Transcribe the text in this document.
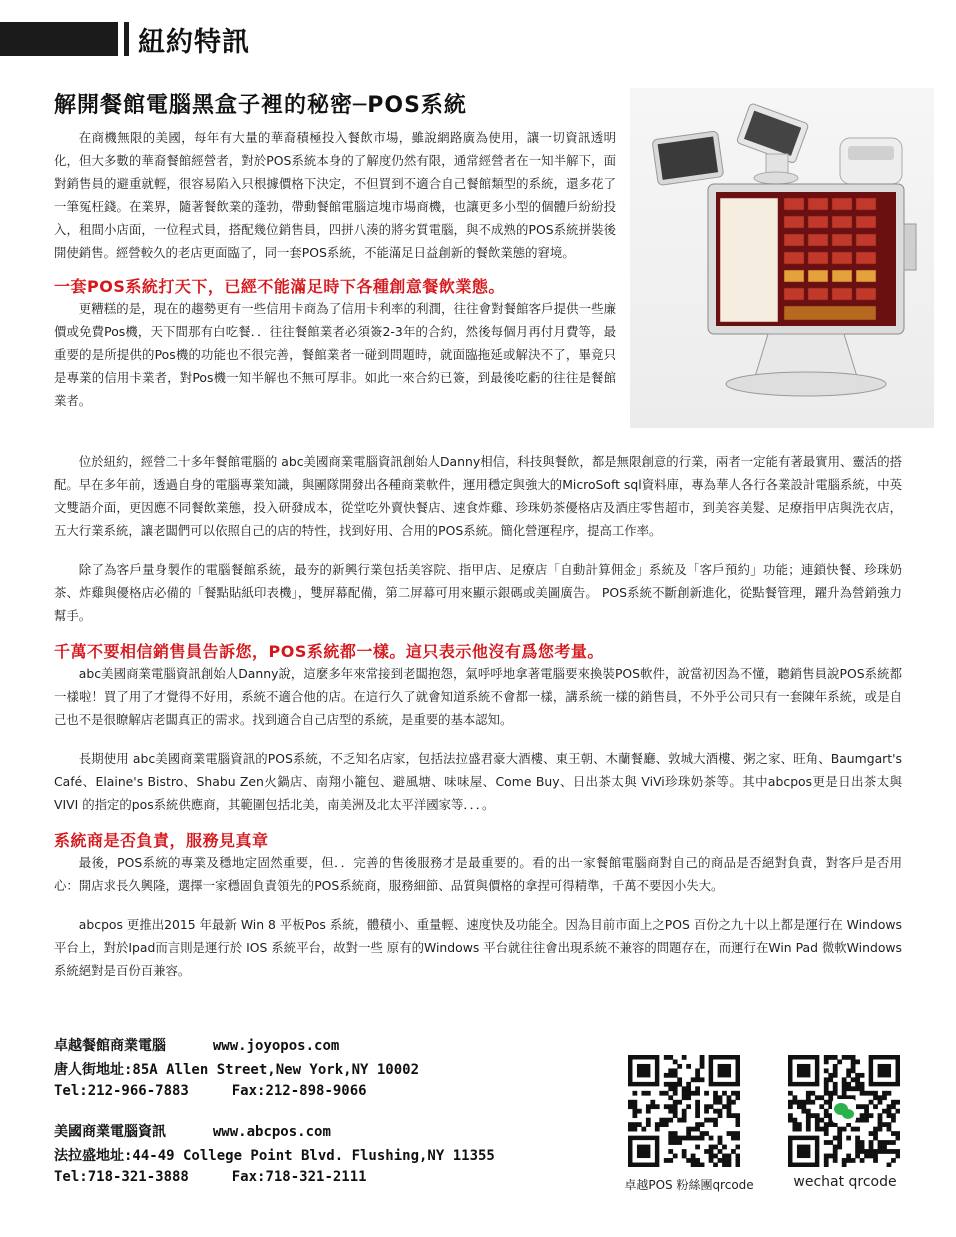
紐約特訊
解開餐館電腦黑盒子裡的秘密─POS系統

在商機無限的美國，每年有大量的華裔積極投入餐飲市場，雖說網路廣為使用，讓一切資訊透明化，但大多數的華裔餐館經營者，對於POS系統本身的了解度仍然有限，通常經營者在一知半解下，面對銷售員的避重就輕，很容易陷入只根據價格下決定，不但買到不適合自己餐館類型的系統，還多花了一筆冤枉錢。在業界，隨著餐飲業的蓬勃，帶動餐館電腦這塊市場商機，也讓更多小型的個體戶紛紛投入，租間小店面，一位程式員，搭配幾位銷售員，四拼八湊的將劣質電腦，與不成熟的POS系統拼裝後開使銷售。經營較久的老店更面臨了，同一套POS系統，不能滿足日益創新的餐飲業態的窘境。

一套POS系統打天下，已經不能滿足時下各種創意餐飲業態。

更糟糕的是，現在的趨勢更有一些信用卡商為了信用卡利率的利潤，往往會對餐館客戶提供一些廉價或免費Pos機，天下間那有白吃餐．．往往餐館業者必須簽2-3年的合約，然後每個月再付月費等，最重要的是所提供的Pos機的功能也不很完善，餐館業者一碰到問題時，就面臨拖延或解決不了，畢竟只是專業的信用卡業者，對Pos機一知半解也不無可厚非。如此一來合約已簽，到最後吃虧的往往是餐館業者。

位於紐約，經營二十多年餐館電腦的 abc美國商業電腦資訊創始人Danny相信，科技與餐飲，都是無限創意的行業，兩者一定能有著最實用、靈活的搭配。早在多年前，透過自身的電腦專業知識，與團隊開發出各種商業軟件，運用穩定與強大的MicroSoft sql資料庫，專為華人各行各業設計電腦系統，中英文雙語介面，更因應不同餐飲業態，投入研發成本，從堂吃外賣快餐店、速食炸雞、珍珠奶茶優格店及酒庄零售超市，到美容美髮、足療指甲店與洗衣店，五大行業系統，讓老闆們可以依照自己的店的特性，找到好用、合用的POS系統。簡化營運程序，提高工作率。

除了為客戶量身製作的電腦餐館系統，最夯的新興行業包括美容院、指甲店、足療店「自動計算佣金」系統及「客戶預約」功能；連鎖快餐、珍珠奶茶、炸雞與優格店必備的「餐點貼紙印表機」，雙屏幕配備，第二屏幕可用來顯示銀碼或美圖廣告。 POS系統不斷創新進化，從點餐管理，躍升為營銷強力幫手。

千萬不要相信銷售員告訴您，POS系統都一樣。這只表示他沒有爲您考量。

abc美國商業電腦資訊創始人Danny說，這麼多年來常接到老闆抱怨，氣呼呼地拿著電腦要來換裝POS軟件，說當初因為不懂，聽銷售員說POS系統都一樣啦！買了用了才覺得不好用，系統不適合他的店。在這行久了就會知道系統不會都一樣，講系統一樣的銷售員，不外乎公司只有一套陳年系統，或是自己也不是很瞭解店老闆真正的需求。找到適合自己店型的系統，是重要的基本認知。

長期使用 abc美國商業電腦資訊的POS系統，不乏知名店家，包括法拉盛君豪大酒樓、東王朝、木蘭餐廳、敦城大酒樓、粥之家、旺角、Baumgart's Café、Elaine's Bistro、Shabu Zen火鍋店、南翔小籠包、避風塘、味味屋、Come Buy、日出茶太與 ViVi珍珠奶茶等。其中abcpos更是日出茶太與VIVI 的指定的pos系統供應商，其範圍包括北美，南美洲及北太平洋國家等．．．。

系統商是否負責，服務見真章

最後，POS系統的專業及穩地定固然重要，但．．完善的售後服務才是最重要的。看的出一家餐館電腦商對自己的商品是否絕對負責，對客戶是否用心：開店求長久興隆，選擇一家穩固負責領先的POS系統商，服務細節、品質與價格的拿捏可得精準，千萬不要因小失大。

abcpos 更推出2015 年最新 Win 8 平板Pos 系統，體積小、重量輕、速度快及功能全。因為目前市面上之POS 百份之九十以上都是運行在 Windows 平台上，對於Ipad而言則是運行於 IOS 系統平台，故對一些 原有的Windows 平台就往往會出現系統不兼容的問題存在，而運行在Win Pad 微軟Windows 系統絕對是百份百兼容。

卓越餐館商業電腦	www.joyopos.com
唐人街地址:85A Allen Street,New York,NY 10002
Tel:212-966-7883	Fax:212-898-9066
美國商業電腦資訊	www.abcpos.com
法拉盛地址:44-49 College Point Blvd. Flushing,NY 11355
Tel:718-321-3888	Fax:718-321-2111	卓越POS 粉絲團qrcode	wechat qrcode
